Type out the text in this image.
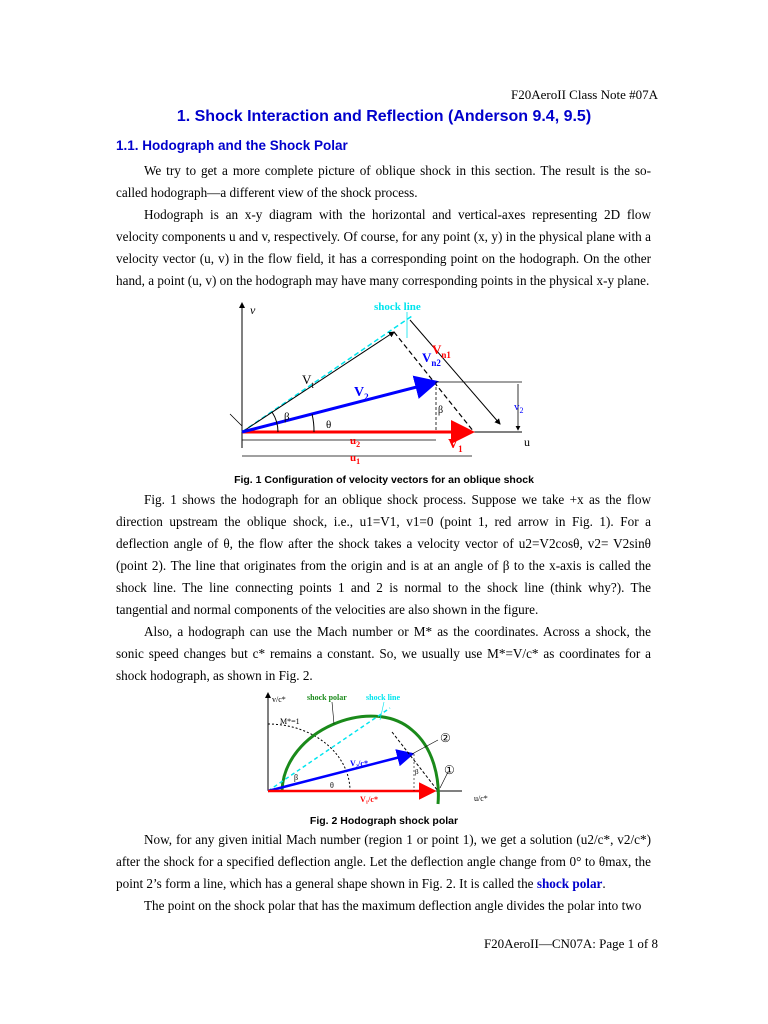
F20AeroII Class Note #07A
1. Shock Interaction and Reflection (Anderson 9.4, 9.5)
1.1. Hodograph and the Shock Polar
We try to get a more complete picture of oblique shock in this section. The result is the so-called hodograph—a different view of the shock process.
Hodograph is an x-y diagram with the horizontal and vertical-axes representing 2D flow velocity components u and v, respectively. Of course, for any point (x, y) in the physical plane with a velocity vector (u, v) in the flow field, it has a corresponding point on the hodograph. On the other hand, a point (u, v) on the hodograph may have many corresponding points in the physical x-y plane.
v
u
shock line
$V_t$
$V_{n1}$
$V_{n2}$
$V_1$
$V_2$
$v_2$
β
β
θ
$u_2$
$u_1$
Fig. 1 Configuration of velocity vectors for an oblique shock
Fig. 1 shows the hodograph for an oblique shock process. Suppose we take +x as the flow direction upstream the oblique shock, i.e., u1=V1, v1=0 (point 1, red arrow in Fig. 1). For a deflection angle of θ, the flow after the shock takes a velocity vector of u2=V2cosθ, v2= V2sinθ (point 2). The line that originates from the origin and is at an angle of β to the x-axis is called the shock line. The line connecting points 1 and 2 is normal to the shock line (think why?). The tangential and normal components of the velocities are also shown in the figure.
Also, a hodograph can use the Mach number or M* as the coordinates. Across a shock, the sonic speed changes but c* remains a constant. So, we usually use M*=V/c* as coordinates for a shock hodograph, as shown in Fig. 2.
v/c*
u/c*
M*=1
shock polar shock line
V₂/c*
V₁/c*
β
θ
β
②
①
Fig. 2 Hodograph shock polar
Now, for any given initial Mach number (region 1 or point 1), we get a solution (u2/c*, v2/c*) after the shock for a specified deflection angle. Let the deflection angle change from 0° to θmax, the point 2’s form a line, which has a general shape shown in Fig. 2. It is called the shock polar.
The point on the shock polar that has the maximum deflection angle divides the polar into two
F20AeroII—CN07A: Page 1 of 8
